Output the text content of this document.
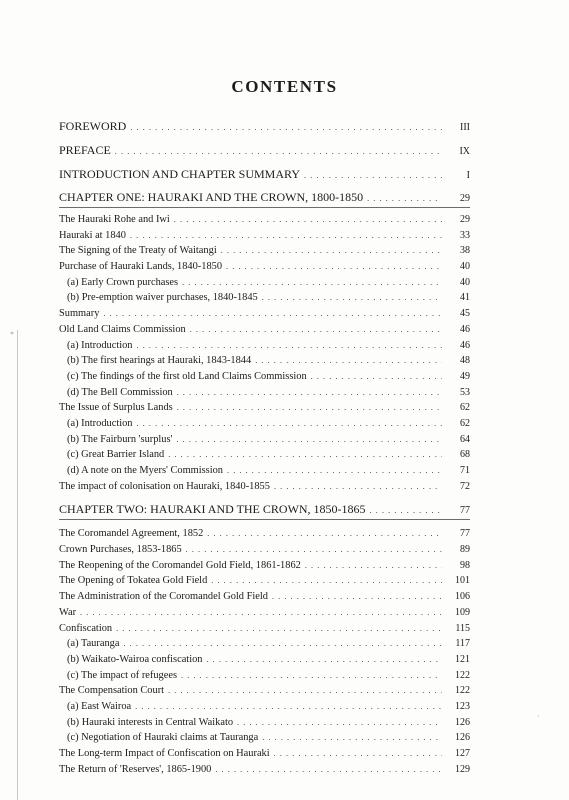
*
·
CONTENTS
FOREWORD . . .	III
PREFACE . . .	IX
INTRODUCTION AND CHAPTER SUMMARY . . .	I
CHAPTER ONE: HAURAKI AND THE CROWN, 1800-1850 . . .	29
The Hauraki Rohe and Iwi . . .	29
Hauraki at 1840 . . .	33
The Signing of the Treaty of Waitangi . . .	38
Purchase of Hauraki Lands, 1840-1850 . . .	40
(a) Early Crown purchases . . .	40
(b) Pre-emption waiver purchases, 1840-1845 . . .	41
Summary . . .	45
Old Land Claims Commission . . .	46
(a) Introduction . . .	46
(b) The first hearings at Hauraki, 1843-1844 . . .	48
(c) The findings of the first old Land Claims Commission . . .	49
(d) The Bell Commission . . .	53
The Issue of Surplus Lands . . .	62
(a) Introduction . . .	62
(b) The Fairburn 'surplus' . . .	64
(c) Great Barrier Island . . .	68
(d) A note on the Myers' Commission . . .	71
The impact of colonisation on Hauraki, 1840-1855 . . .	72
CHAPTER TWO: HAURAKI AND THE CROWN, 1850-1865 . . .	77
The Coromandel Agreement, 1852 . . .	77
Crown Purchases, 1853-1865 . . .	89
The Reopening of the Coromandel Gold Field, 1861-1862 . . .	98
The Opening of Tokatea Gold Field . . .	101
The Administration of the Coromandel Gold Field . . .	106
War . . .	109
Confiscation . . .	115
(a) Tauranga . . .	117
(b) Waikato-Wairoa confiscation . . .	121
(c) The impact of refugees . . .	122
The Compensation Court . . .	122
(a) East Wairoa . . .	123
(b) Hauraki interests in Central Waikato . . .	126
(c) Negotiation of Hauraki claims at Tauranga . . .	126
The Long-term Impact of Confiscation on Hauraki . . .	127
The Return of 'Reserves', 1865-1900 . . .	129
